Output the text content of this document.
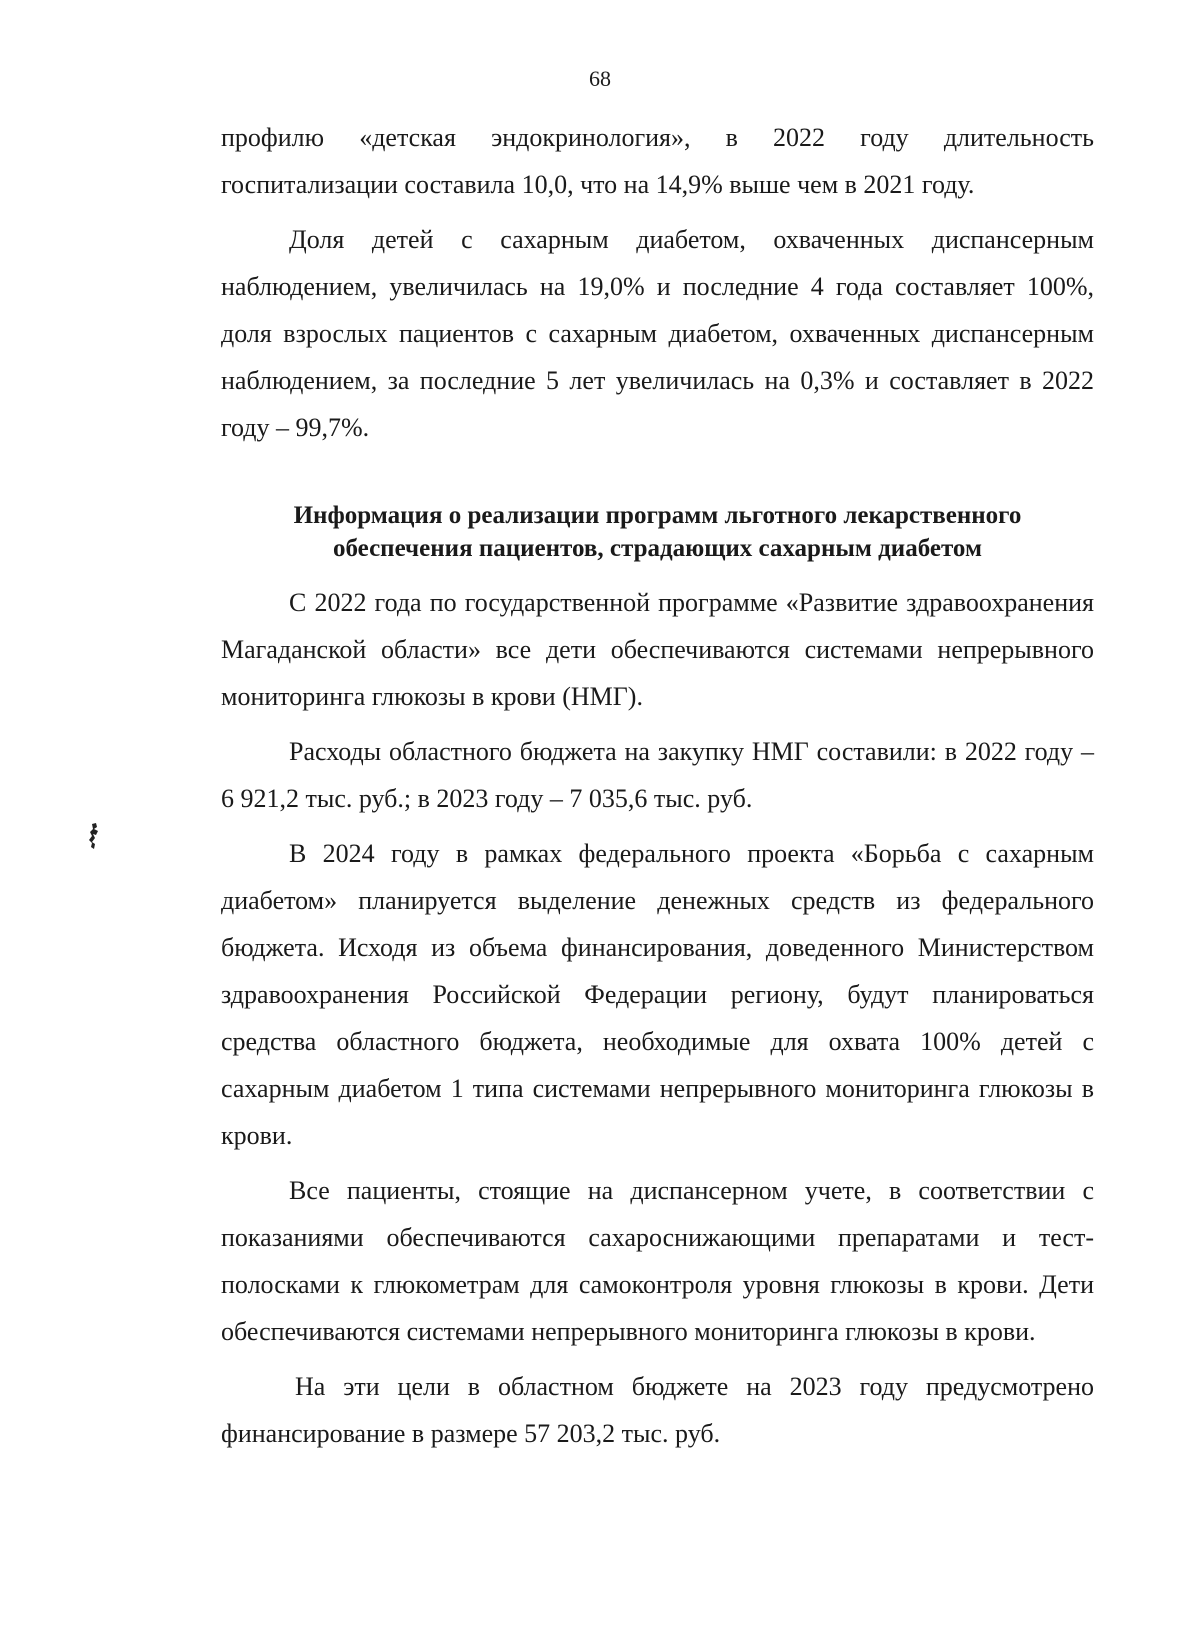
68

профилю «детская эндокринология», в 2022 году длительность госпитализации составила 10,0, что на 14,9% выше чем в 2021 году.

Доля детей с сахарным диабетом, охваченных диспансерным наблюдением, увеличилась на 19,0% и последние 4 года составляет 100%, доля взрослых пациентов с сахарным диабетом, охваченных диспансерным наблюдением, за последние 5 лет увеличилась на 0,3% и составляет в 2022 году – 99,7%.

Информация о реализации программ льготного лекарственного
обеспечения пациентов, страдающих сахарным диабетом

С 2022 года по государственной программе «Развитие здравоохранения Магаданской области» все дети обеспечиваются системами непрерывного мониторинга глюкозы в крови (НМГ).

Расходы областного бюджета на закупку НМГ составили: в 2022 году – 6 921,2 тыс. руб.; в 2023 году – 7 035,6 тыс. руб.

В 2024 году в рамках федерального проекта «Борьба с сахарным диабетом» планируется выделение денежных средств из федерального бюджета. Исходя из объема финансирования, доведенного Министерством здравоохранения Российской Федерации региону, будут планироваться средства областного бюджета, необходимые для охвата 100% детей с сахарным диабетом 1 типа системами непрерывного мониторинга глюкозы в крови.

Все пациенты, стоящие на диспансерном учете, в соответствии с показаниями обеспечиваются сахароснижающими препаратами и тест-полосками к глюкометрам для самоконтроля уровня глюкозы в крови. Дети обеспечиваются системами непрерывного мониторинга глюкозы в крови.

На эти цели в областном бюджете на 2023 году предусмотрено финансирование в размере 57 203,2 тыс. руб.
